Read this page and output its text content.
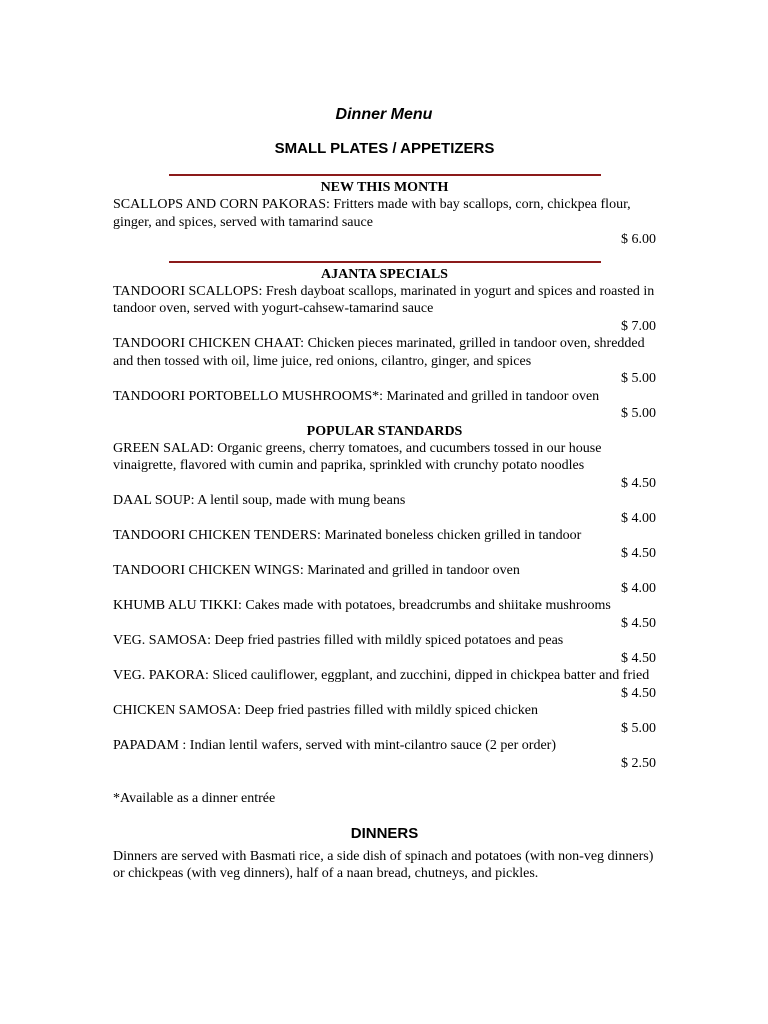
Dinner Menu
SMALL PLATES / APPETIZERS

NEW THIS MONTH

SCALLOPS AND CORN PAKORAS: Fritters made with bay scallops, corn, chickpea flour, ginger, and spices, served with tamarind sauce

$ 6.00

AJANTA SPECIALS

TANDOORI SCALLOPS: Fresh dayboat scallops, marinated in yogurt and spices and roasted in tandoor oven, served with yogurt-cahsew-tamarind sauce

$ 7.00

TANDOORI CHICKEN CHAAT: Chicken pieces marinated, grilled in tandoor oven, shredded and then tossed with oil, lime juice, red onions, cilantro, ginger, and spices

$ 5.00

TANDOORI PORTOBELLO MUSHROOMS*: Marinated and grilled in tandoor oven

$ 5.00

POPULAR STANDARDS

GREEN SALAD: Organic greens, cherry tomatoes, and cucumbers tossed in our house vinaigrette, flavored with cumin and paprika, sprinkled with crunchy potato noodles

$ 4.50

DAAL SOUP: A lentil soup, made with mung beans

$ 4.00

TANDOORI CHICKEN TENDERS: Marinated boneless chicken grilled in tandoor

$ 4.50

TANDOORI CHICKEN WINGS: Marinated and grilled in tandoor oven

$ 4.00

KHUMB ALU TIKKI: Cakes made with potatoes, breadcrumbs and shiitake mushrooms

$ 4.50

VEG. SAMOSA: Deep fried pastries filled with mildly spiced potatoes and peas

$ 4.50

VEG. PAKORA: Sliced cauliflower, eggplant, and zucchini, dipped in chickpea batter and fried

$ 4.50

CHICKEN SAMOSA: Deep fried pastries filled with mildly spiced chicken

$ 5.00

PAPADAM : Indian lentil wafers, served with mint-cilantro sauce (2 per order)

$ 2.50

*Available as a dinner entrée

DINNERS

Dinners are served with Basmati rice, a side dish of spinach and potatoes (with non-veg dinners) or chickpeas (with veg dinners), half of a naan bread, chutneys, and pickles.
